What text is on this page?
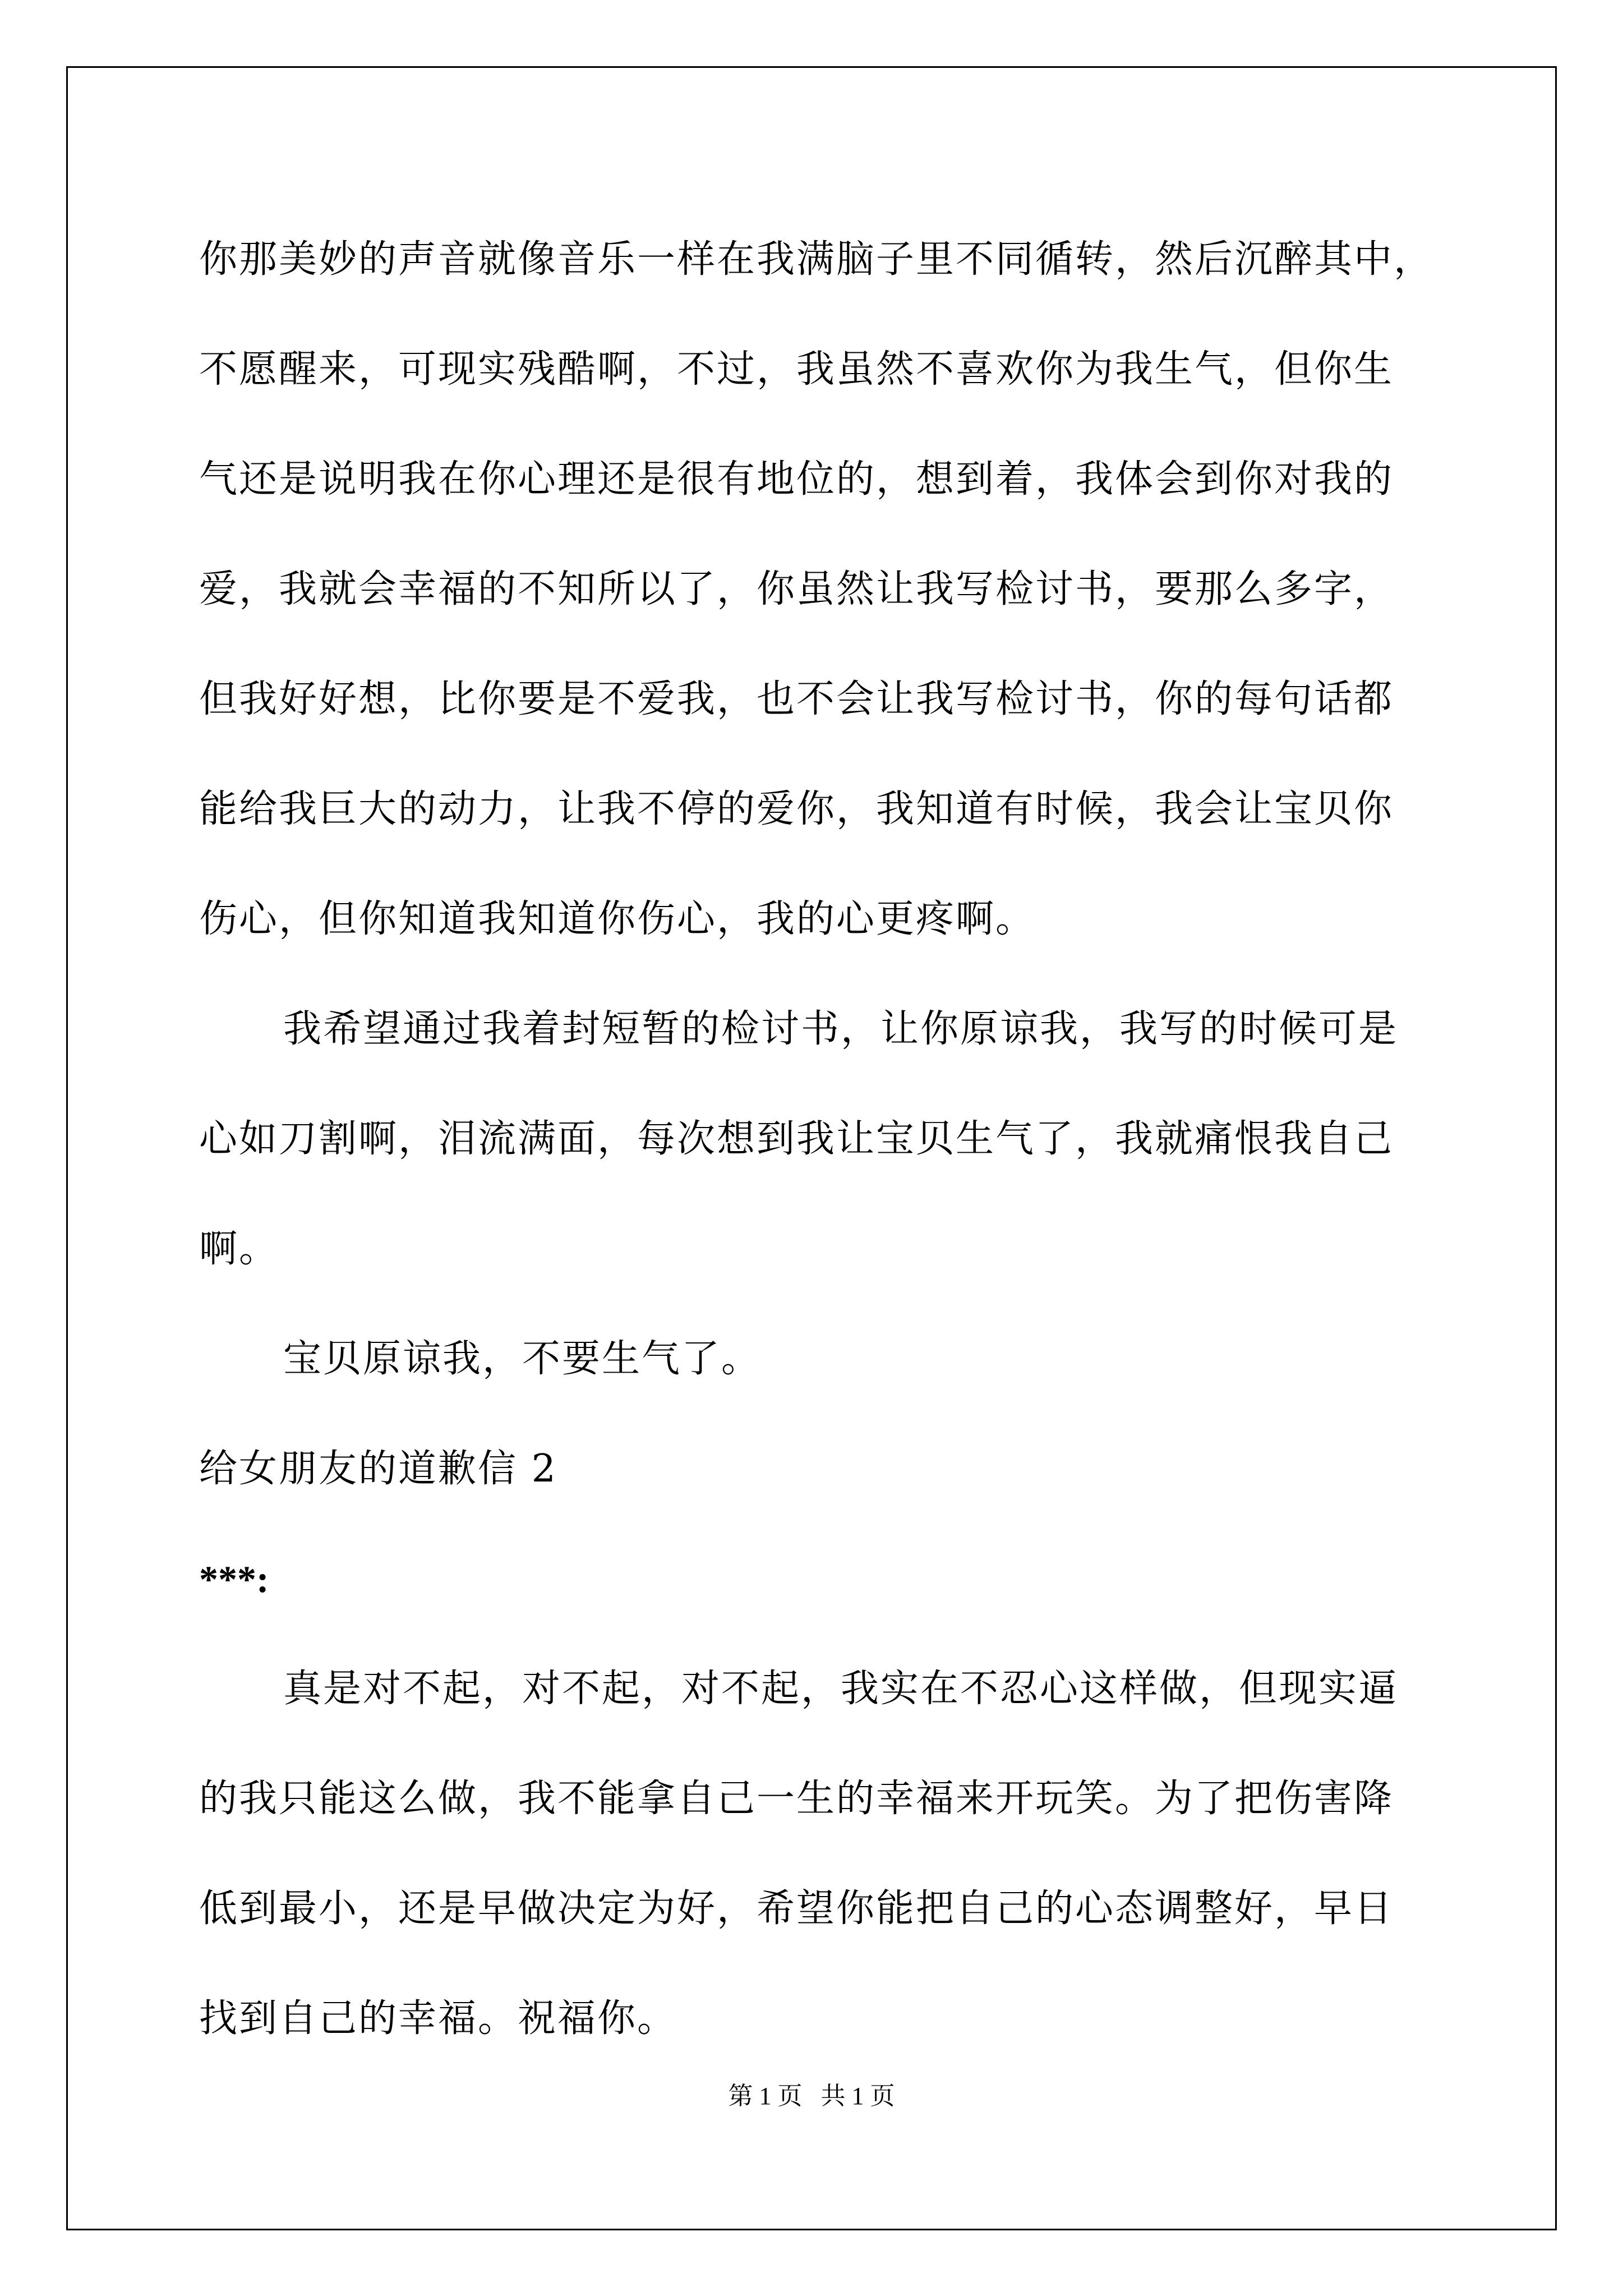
你那美妙的声音就像音乐一样在我满脑子里不同循转，然后沉醉其中，
不愿醒来，可现实残酷啊，不过，我虽然不喜欢你为我生气，但你生
气还是说明我在你心理还是很有地位的，想到着，我体会到你对我的
爱，我就会幸福的不知所以了，你虽然让我写检讨书，要那么多字，
但我好好想，比你要是不爱我，也不会让我写检讨书，你的每句话都
能给我巨大的动力，让我不停的爱你，我知道有时候，我会让宝贝你
伤心，但你知道我知道你伤心，我的心更疼啊。
我希望通过我着封短暂的检讨书，让你原谅我，我写的时候可是
心如刀割啊，泪流满面，每次想到我让宝贝生气了，我就痛恨我自己
啊。
宝贝原谅我，不要生气了。
给女朋友的道歉信 2
***:
真是对不起，对不起，对不起，我实在不忍心这样做，但现实逼
的我只能这么做，我不能拿自己一生的幸福来开玩笑。为了把伤害降
低到最小，还是早做决定为好，希望你能把自己的心态调整好，早日
找到自己的幸福。祝福你。
第 1 页   共 1 页
